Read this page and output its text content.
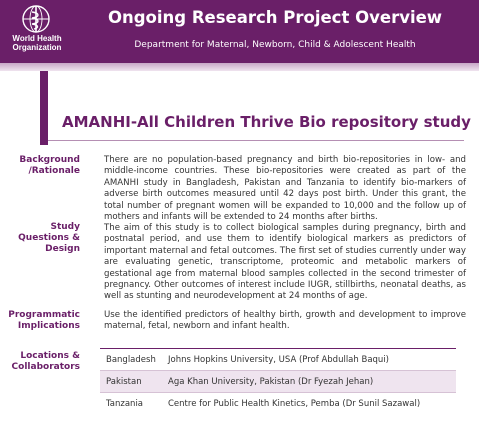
World Health Organization
Ongoing Research Project Overview
Department for Maternal, Newborn, Child & Adolescent Health
AMANHI-All Children Thrive Bio repository study
Background /Rationale
There are no population-based pregnancy and birth bio-repositories in low- and middle-income countries. These bio-repositories were created as part of the AMANHI study in Bangladesh, Pakistan and Tanzania to identify bio-markers of adverse birth outcomes measured until 42 days post birth. Under this grant, the total number of pregnant women will be expanded to 10,000 and the follow up of mothers and infants will be extended to 24 months after births.
Study Questions & Design
The aim of this study is to collect biological samples during pregnancy, birth and postnatal period, and use them to identify biological markers as predictors of important maternal and fetal outcomes. The first set of studies currently under way are evaluating genetic, transcriptome, proteomic and metabolic markers of gestational age from maternal blood samples collected in the second trimester of pregnancy. Other outcomes of interest include IUGR, stillbirths, neonatal deaths, as well as stunting and neurodevelopment at 24 months of age.
Programmatic Implications
Use the identified predictors of healthy birth, growth and development to improve maternal, fetal, newborn and infant health.
Locations & Collaborators
Bangladesh	Johns Hopkins University, USA (Prof Abdullah Baqui)
Pakistan	Aga Khan University, Pakistan (Dr Fyezah Jehan)
Tanzania	Centre for Public Health Kinetics, Pemba (Dr Sunil Sazawal)
